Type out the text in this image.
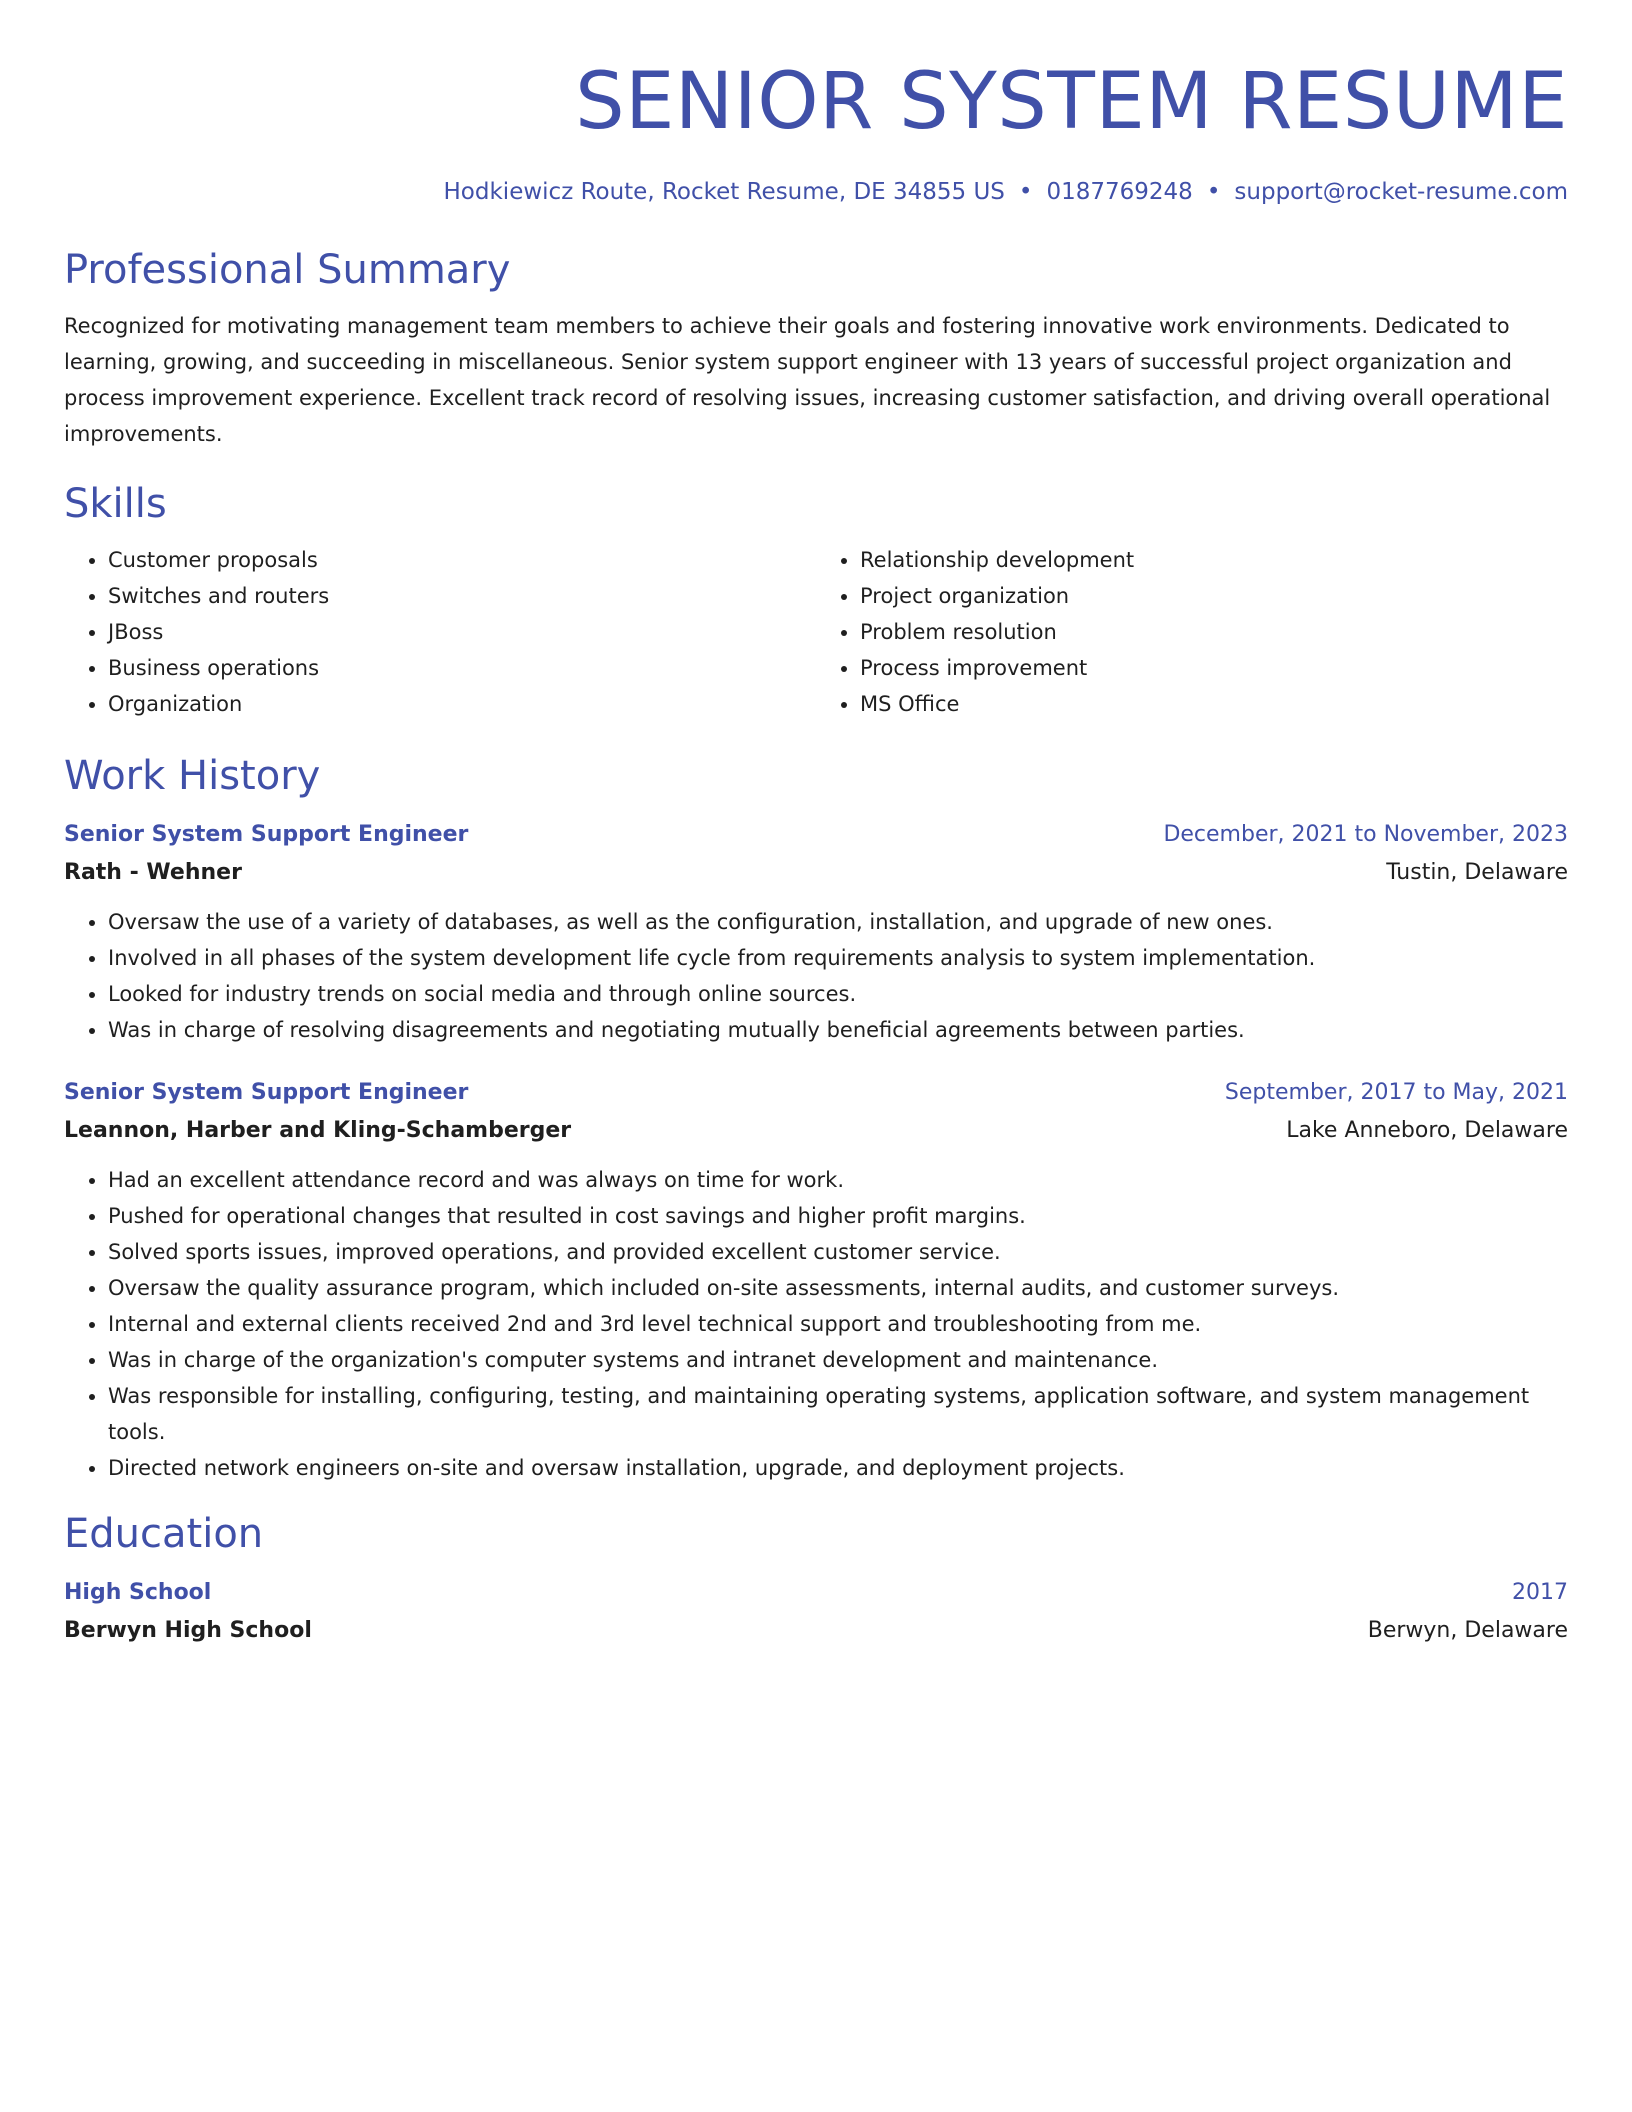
SENIOR SYSTEM RESUME
Hodkiewicz Route, Rocket Resume, DE 34855 US • 0187769248 • support@rocket-resume.com
Professional Summary

Recognized for motivating management team members to achieve their goals and fostering innovative work environments. Dedicated to learning, growing, and succeeding in miscellaneous. Senior system support engineer with 13 years of successful project organization and process improvement experience. Excellent track record of resolving issues, increasing customer satisfaction, and driving overall operational improvements.

Skills
• Customer proposals
• Switches and routers
• JBoss
• Business operations
• Organization
• Relationship development
• Project organization
• Problem resolution
• Process improvement
• MS Office
Work History
Senior System Support Engineer	December, 2021 to November, 2023
Rath - Wehner	Tustin, Delaware
• Oversaw the use of a variety of databases, as well as the configuration, installation, and upgrade of new ones.
• Involved in all phases of the system development life cycle from requirements analysis to system implementation.
• Looked for industry trends on social media and through online sources.
• Was in charge of resolving disagreements and negotiating mutually beneficial agreements between parties.
Senior System Support Engineer	September, 2017 to May, 2021
Leannon, Harber and Kling-Schamberger	Lake Anneboro, Delaware
• Had an excellent attendance record and was always on time for work.
• Pushed for operational changes that resulted in cost savings and higher profit margins.
• Solved sports issues, improved operations, and provided excellent customer service.
• Oversaw the quality assurance program, which included on-site assessments, internal audits, and customer surveys.
• Internal and external clients received 2nd and 3rd level technical support and troubleshooting from me.
• Was in charge of the organization's computer systems and intranet development and maintenance.
• Was responsible for installing, configuring, testing, and maintaining operating systems, application software, and system management tools.
• Directed network engineers on-site and oversaw installation, upgrade, and deployment projects.
Education
High School	2017
Berwyn High School	Berwyn, Delaware
